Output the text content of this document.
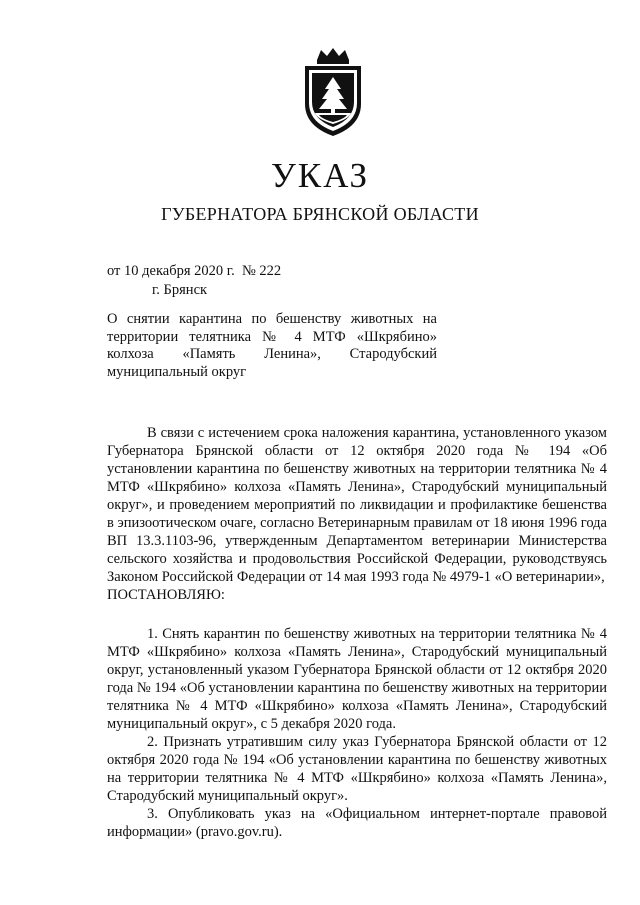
УКАЗ
ГУБЕРНАТОРА БРЯНСКОЙ ОБЛАСТИ
от 10 декабря 2020 г.  № 222
г. Брянск
О снятии карантина по бешенству животных на территории телятника № 4 МТФ «Шкрябино» колхоза «Память Ленина», Стародубский муниципальный округ

В связи с истечением срока наложения карантина, установленного указом Губернатора Брянской области от 12 октября 2020 года № 194 «Об установлении карантина по бешенству животных на территории телятника № 4 МТФ «Шкрябино» колхоза «Память Ленина», Стародубский муниципальный округ», и проведением мероприятий по ликвидации и профилактике бешенства в эпизоотическом очаге, согласно Ветеринарным правилам от 18 июня 1996 года ВП 13.3.1103-96, утвержденным Департаментом ветеринарии Министерства сельского хозяйства и продовольствия Российской Федерации, руководствуясь Законом Российской Федерации от 14 мая 1993 года № 4979-1 «О ветеринарии»,

ПОСТАНОВЛЯЮ:

1. Снять карантин по бешенству животных на территории телятника № 4 МТФ «Шкрябино» колхоза «Память Ленина», Стародубский муниципальный округ, установленный указом Губернатора Брянской области от 12 октября 2020 года № 194 «Об установлении карантина по бешенству животных на территории телятника № 4 МТФ «Шкрябино» колхоза «Память Ленина», Стародубский муниципальный округ», с 5 декабря 2020 года.

2. Признать утратившим силу указ Губернатора Брянской области от 12 октября 2020 года № 194 «Об установлении карантина по бешенству животных на территории телятника № 4 МТФ «Шкрябино» колхоза «Память Ленина», Стародубский муниципальный округ».

3. Опубликовать указ на «Официальном интернет-портале правовой информации» (pravo.gov.ru).
